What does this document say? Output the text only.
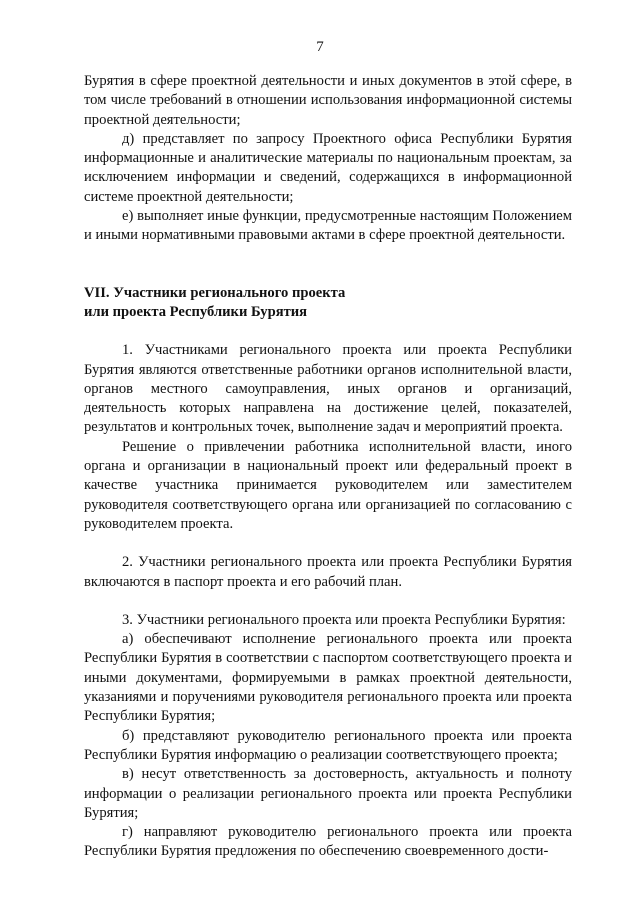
7

Бурятия в сфере проектной деятельности и иных документов в этой сфере, в том числе требований в отношении использования информационной системы проектной деятельности;

д) представляет по запросу Проектного офиса Республики Бурятия информационные и аналитические материалы по национальным проектам, за исключением информации и сведений, содержащихся в информационной системе проектной деятельности;

е) выполняет иные функции, предусмотренные настоящим Положением и иными нормативными правовыми актами в сфере проектной деятельности.

VII. Участники регионального проекта

или проекта Республики Бурятия

1. Участниками регионального проекта или проекта Республики Бурятия являются ответственные работники органов исполнительной власти, органов местного самоуправления, иных органов и организаций, деятельность которых направлена на достижение целей, показателей, результатов и контрольных точек, выполнение задач и мероприятий проекта.

Решение о привлечении работника исполнительной власти, иного органа и организации в национальный проект или федеральный проект в качестве участника принимается руководителем или заместителем руководителя соответствующего органа или организацией по согласованию с руководителем проекта.

2. Участники регионального проекта или проекта Республики Бурятия включаются в паспорт проекта и его рабочий план.

3. Участники регионального проекта или проекта Республики Бурятия:

а) обеспечивают исполнение регионального проекта или проекта Республики Бурятия в соответствии с паспортом соответствующего проекта и иными документами, формируемыми в рамках проектной деятельности, указаниями и поручениями руководителя регионального проекта или проекта Республики Бурятия;

б) представляют руководителю регионального проекта или проекта Республики Бурятия информацию о реализации соответствующего проекта;

в) несут ответственность за достоверность, актуальность и полноту информации о реализации регионального проекта или проекта Республики Бурятия;

г) направляют руководителю регионального проекта или проекта Республики Бурятия предложения по обеспечению своевременного дости-
